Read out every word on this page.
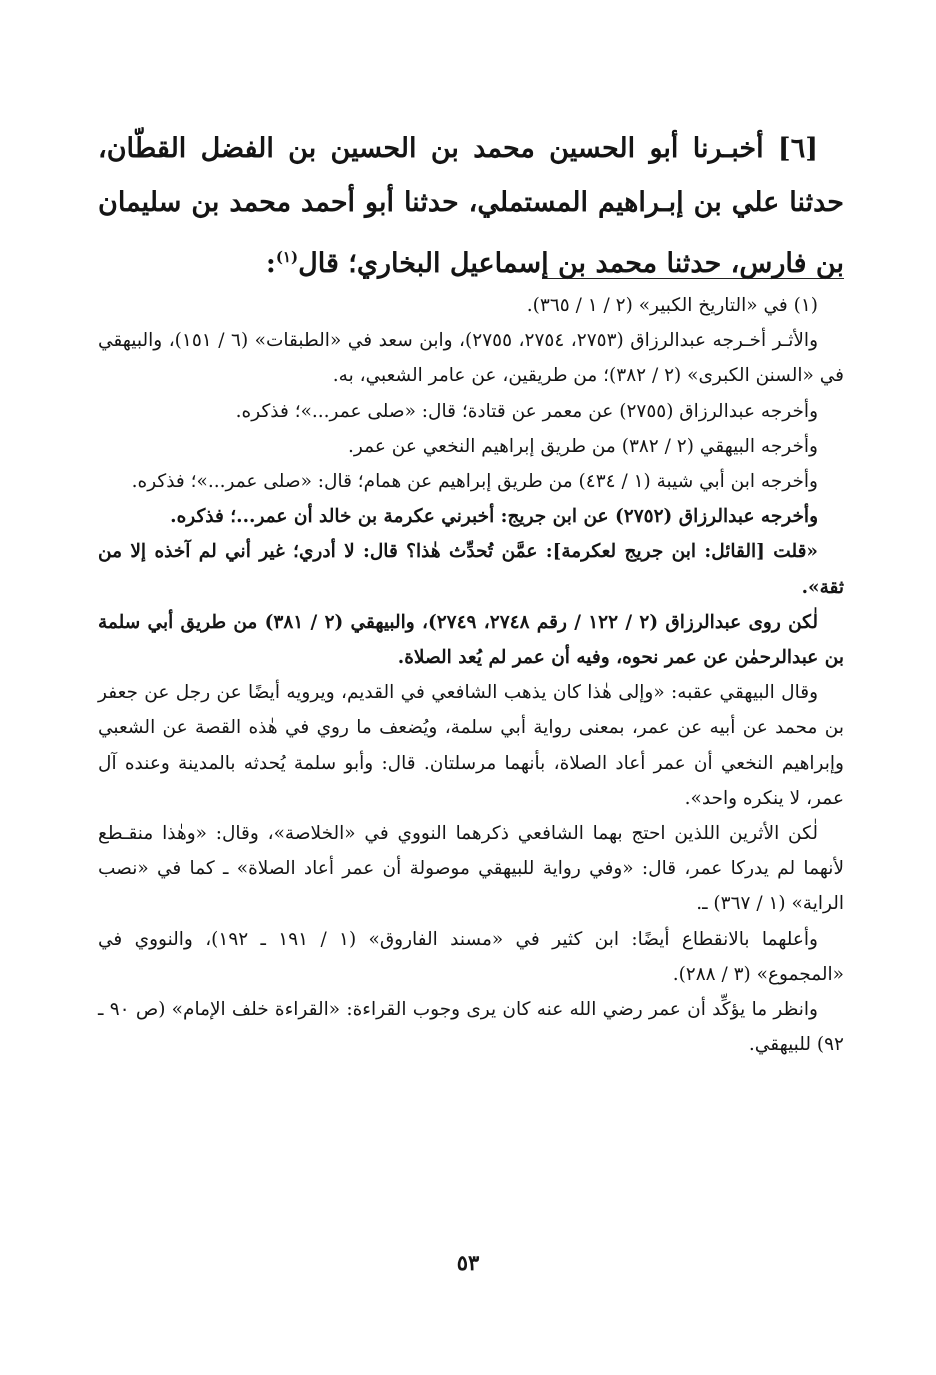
[٦] أخبـرنا أبو الحسين محمد بن الحسين بن الفضل القطّان، حدثنا علي بن إبـراهيم المستملي، حدثنا أبو أحمد محمد بن سليمان بن فارس، حدثنا محمد بن إسماعيل البخاري؛ قال$^{(١)}$:

(١) في «التاريخ الكبير» (٢ / ١ / ٣٦٥).

والأثـر أخـرجه عبدالرزاق (٢٧٥٣، ٢٧٥٤، ٢٧٥٥)، وابن سعد في «الطبقات» (٦ / ١٥١)، والبيهقي في «السنن الكبرى» (٢ / ٣٨٢)؛ من طريقين، عن عامر الشعبي، به.

وأخرجه عبدالرزاق (٢٧٥٥) عن معمر عن قتادة؛ قال: «صلى عمر...»؛ فذكره.

وأخرجه البيهقي (٢ / ٣٨٢) من طريق إبراهيم النخعي عن عمر.

وأخرجه ابن أبي شيبة (١ / ٤٣٤) من طريق إبراهيم عن همام؛ قال: «صلى عمر...»؛ فذكره.

وأخرجه عبدالرزاق (٢٧٥٢) عن ابن جريج: أخبرني عكرمة بن خالد أن عمر...؛ فذكره.

«قلت [القائل: ابن جريج لعكرمة]: عمَّن تُحدِّث هٰذا؟ قال: لا أدري؛ غير أني لم آخذه إلا من ثقة».

لٰكن روى عبدالرزاق (٢ / ١٢٢ / رقم ٢٧٤٨، ٢٧٤٩)، والبيهقي (٢ / ٣٨١) من طريق أبي سلمة بن عبدالرحمٰن عن عمر نحوه، وفيه أن عمر لم يُعد الصلاة.

وقال البيهقي عقبه: «وإلى هٰذا كان يذهب الشافعي في القديم، ويرويه أيضًا عن رجل عن جعفر بن محمد عن أبيه عن عمر، بمعنى رواية أبي سلمة، ويُضعف ما روي في هٰذه القصة عن الشعبي وإبراهيم النخعي أن عمر أعاد الصلاة، بأنهما مرسلتان. قال: وأبو سلمة يُحدثه بالمدينة وعنده آل عمر، لا ينكره واحد».

لٰكن الأثرين اللذين احتج بهما الشافعي ذكرهما النووي في «الخلاصة»، وقال: «وهٰذا منقـطع لأنهما لم يدركا عمر، قال: «وفي رواية للبيهقي موصولة أن عمر أعاد الصلاة» ـ كما في «نصب الراية» (١ / ٣٦٧) ـ.

وأعلهما بالانقطاع أيضًا: ابن كثير في «مسند الفاروق» (١ / ١٩١ ـ ١٩٢)، والنووي في «المجموع» (٣ / ٢٨٨).

وانظر ما يؤكِّد أن عمر رضي الله عنه كان يرى وجوب القراءة: «القراءة خلف الإمام» (ص ٩٠ ـ ٩٢) للبيهقي.

٥٣
